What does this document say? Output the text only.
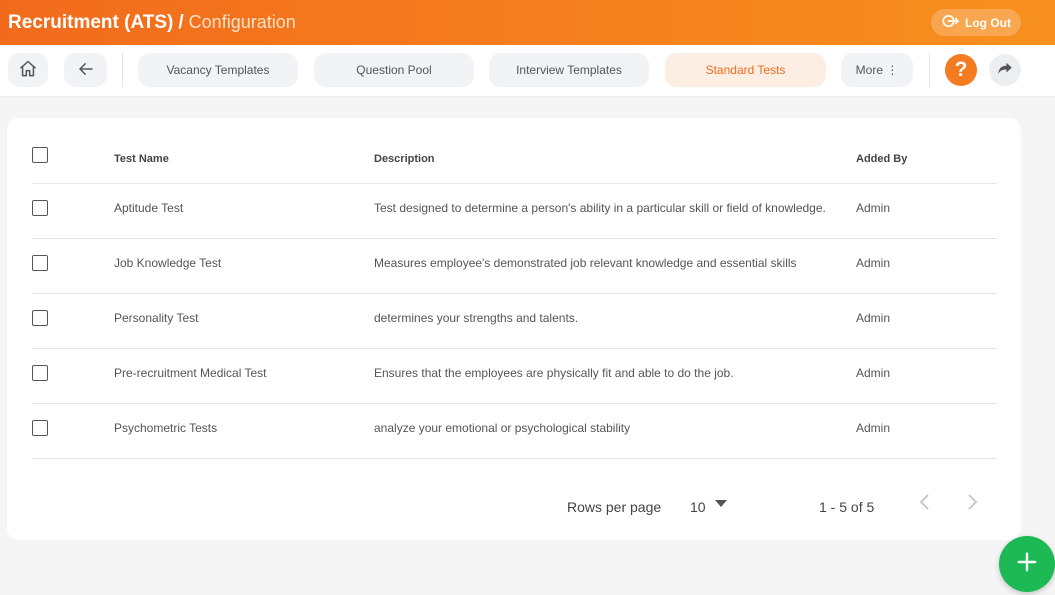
Recruitment (ATS) / Configuration	Log Out
Vacancy Templates	Question Pool	Interview Templates	Standard Tests	More ⋮	?
Test Name	Description	Added By
Aptitude Test	Test designed to determine a person's ability in a particular skill or field of knowledge.	Admin
Job Knowledge Test	Measures employee's demonstrated job relevant knowledge and essential skills	Admin
Personality Test	determines your strengths and talents.	Admin
Pre-recruitment Medical Test	Ensures that the employees are physically fit and able to do the job.	Admin
Psychometric Tests	analyze your emotional or psychological stability	Admin
Rows per page 10	1 - 5 of 5
